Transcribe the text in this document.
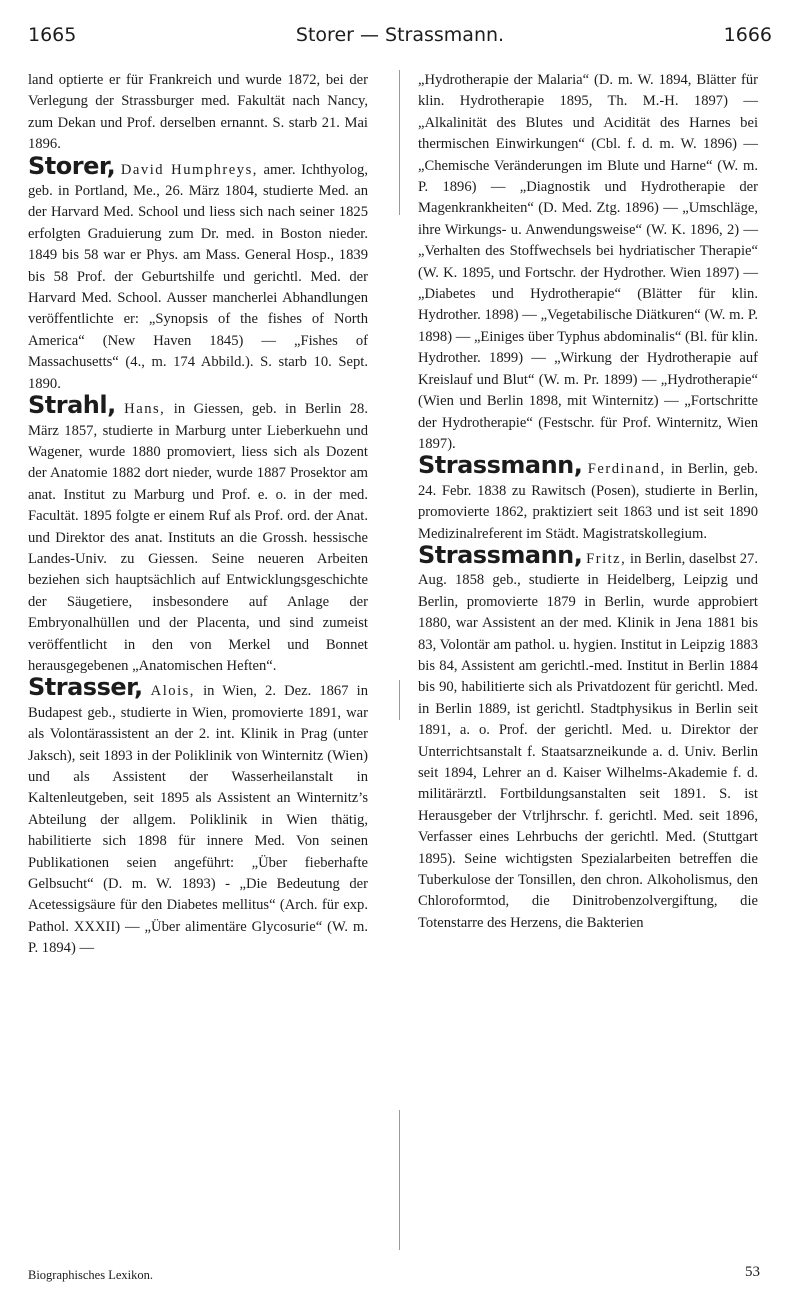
1665	Storer — Strassmann.	1666

land optierte er für Frankreich und wurde 1872, bei der Verlegung der Strassburger med. Fakultät nach Nancy, zum Dekan und Prof. derselben ernannt. S. starb 21. Mai 1896.

Storer, David Humphreys, amer. Ichthyolog, geb. in Portland, Me., 26. März 1804, studierte Med. an der Harvard Med. School und liess sich nach seiner 1825 erfolgten Graduierung zum Dr. med. in Boston nieder. 1849 bis 58 war er Phys. am Mass. General Hosp., 1839 bis 58 Prof. der Geburtshilfe und gerichtl. Med. der Harvard Med. School. Ausser mancherlei Abhandlungen veröffentlichte er: „Synopsis of the fishes of North America“ (New Haven 1845) — „Fishes of Massachusetts“ (4., m. 174 Abbild.). S. starb 10. Sept. 1890.

Strahl, Hans, in Giessen, geb. in Berlin 28. März 1857, studierte in Marburg unter Lieberkuehn und Wagener, wurde 1880 promoviert, liess sich als Dozent der Anatomie 1882 dort nieder, wurde 1887 Prosektor am anat. Institut zu Marburg und Prof. e. o. in der med. Facultät. 1895 folgte er einem Ruf als Prof. ord. der Anat. und Direktor des anat. Instituts an die Grossh. hessische Landes-Univ. zu Giessen. Seine neueren Arbeiten beziehen sich hauptsächlich auf Entwicklungsgeschichte der Säugetiere, insbesondere auf Anlage der Embryonalhüllen und der Placenta, und sind zumeist veröffentlicht in den von Merkel und Bonnet herausgegebenen „Anatomischen Heften“.

Strasser, Alois, in Wien, 2. Dez. 1867 in Budapest geb., studierte in Wien, promovierte 1891, war als Volontärassistent an der 2. int. Klinik in Prag (unter Jaksch), seit 1893 in der Poliklinik von Winternitz (Wien) und als Assistent der Wasserheilanstalt in Kaltenleutgeben, seit 1895 als Assistent an Winternitz’s Abteilung der allgem. Poliklinik in Wien thätig, habilitierte sich 1898 für innere Med. Von seinen Publikationen seien angeführt: „Über fieberhafte Gelbsucht“ (D. m. W. 1893) - „Die Bedeutung der Acetessigsäure für den Diabetes mellitus“ (Arch. für exp. Pathol. XXXII) — „Über alimentäre Glycosurie“ (W. m. P. 1894) —

„Hydrotherapie der Malaria“ (D. m. W. 1894, Blätter für klin. Hydrotherapie 1895, Th. M.-H. 1897) — „Alkalinität des Blutes und Acidität des Harnes bei thermischen Einwirkungen“ (Cbl. f. d. m. W. 1896) — „Chemische Veränderungen im Blute und Harne“ (W. m. P. 1896) — „Diagnostik und Hydrotherapie der Magenkrankheiten“ (D. Med. Ztg. 1896) — „Umschläge, ihre Wirkungs- u. Anwendungsweise“ (W. K. 1896, 2) — „Verhalten des Stoffwechsels bei hydriatischer Therapie“ (W. K. 1895, und Fortschr. der Hydrother. Wien 1897) — „Diabetes und Hydrotherapie“ (Blätter für klin. Hydrother. 1898) — „Vegetabilische Diätkuren“ (W. m. P. 1898) — „Einiges über Typhus abdominalis“ (Bl. für klin. Hydrother. 1899) — „Wirkung der Hydrotherapie auf Kreislauf und Blut“ (W. m. Pr. 1899) — „Hydrotherapie“ (Wien und Berlin 1898, mit Winternitz) — „Fortschritte der Hydrotherapie“ (Festschr. für Prof. Winternitz, Wien 1897).

Strassmann, Ferdinand, in Berlin, geb. 24. Febr. 1838 zu Rawitsch (Posen), studierte in Berlin, promovierte 1862, praktiziert seit 1863 und ist seit 1890 Medizinalreferent im Städt. Magistratskollegium.

Strassmann, Fritz, in Berlin, daselbst 27. Aug. 1858 geb., studierte in Heidelberg, Leipzig und Berlin, promovierte 1879 in Berlin, wurde approbiert 1880, war Assistent an der med. Klinik in Jena 1881 bis 83, Volontär am pathol. u. hygien. Institut in Leipzig 1883 bis 84, Assistent am gerichtl.-med. Institut in Berlin 1884 bis 90, habilitierte sich als Privatdozent für gerichtl. Med. in Berlin 1889, ist gerichtl. Stadtphysikus in Berlin seit 1891, a. o. Prof. der gerichtl. Med. u. Direktor der Unterrichtsanstalt f. Staatsarzneikunde a. d. Univ. Berlin seit 1894, Lehrer an d. Kaiser Wilhelms-Akademie f. d. militärärztl. Fortbildungsanstalten seit 1891. S. ist Herausgeber der Vtrljhrschr. f. gerichtl. Med. seit 1896, Verfasser eines Lehrbuchs der gerichtl. Med. (Stuttgart 1895). Seine wichtigsten Spezialarbeiten betreffen die Tuberkulose der Tonsillen, den chron. Alkoholismus, den Chloroformtod, die Dinitrobenzolvergiftung, die Totenstarre des Herzens, die Bakterien

Biographisches Lexikon.	53
